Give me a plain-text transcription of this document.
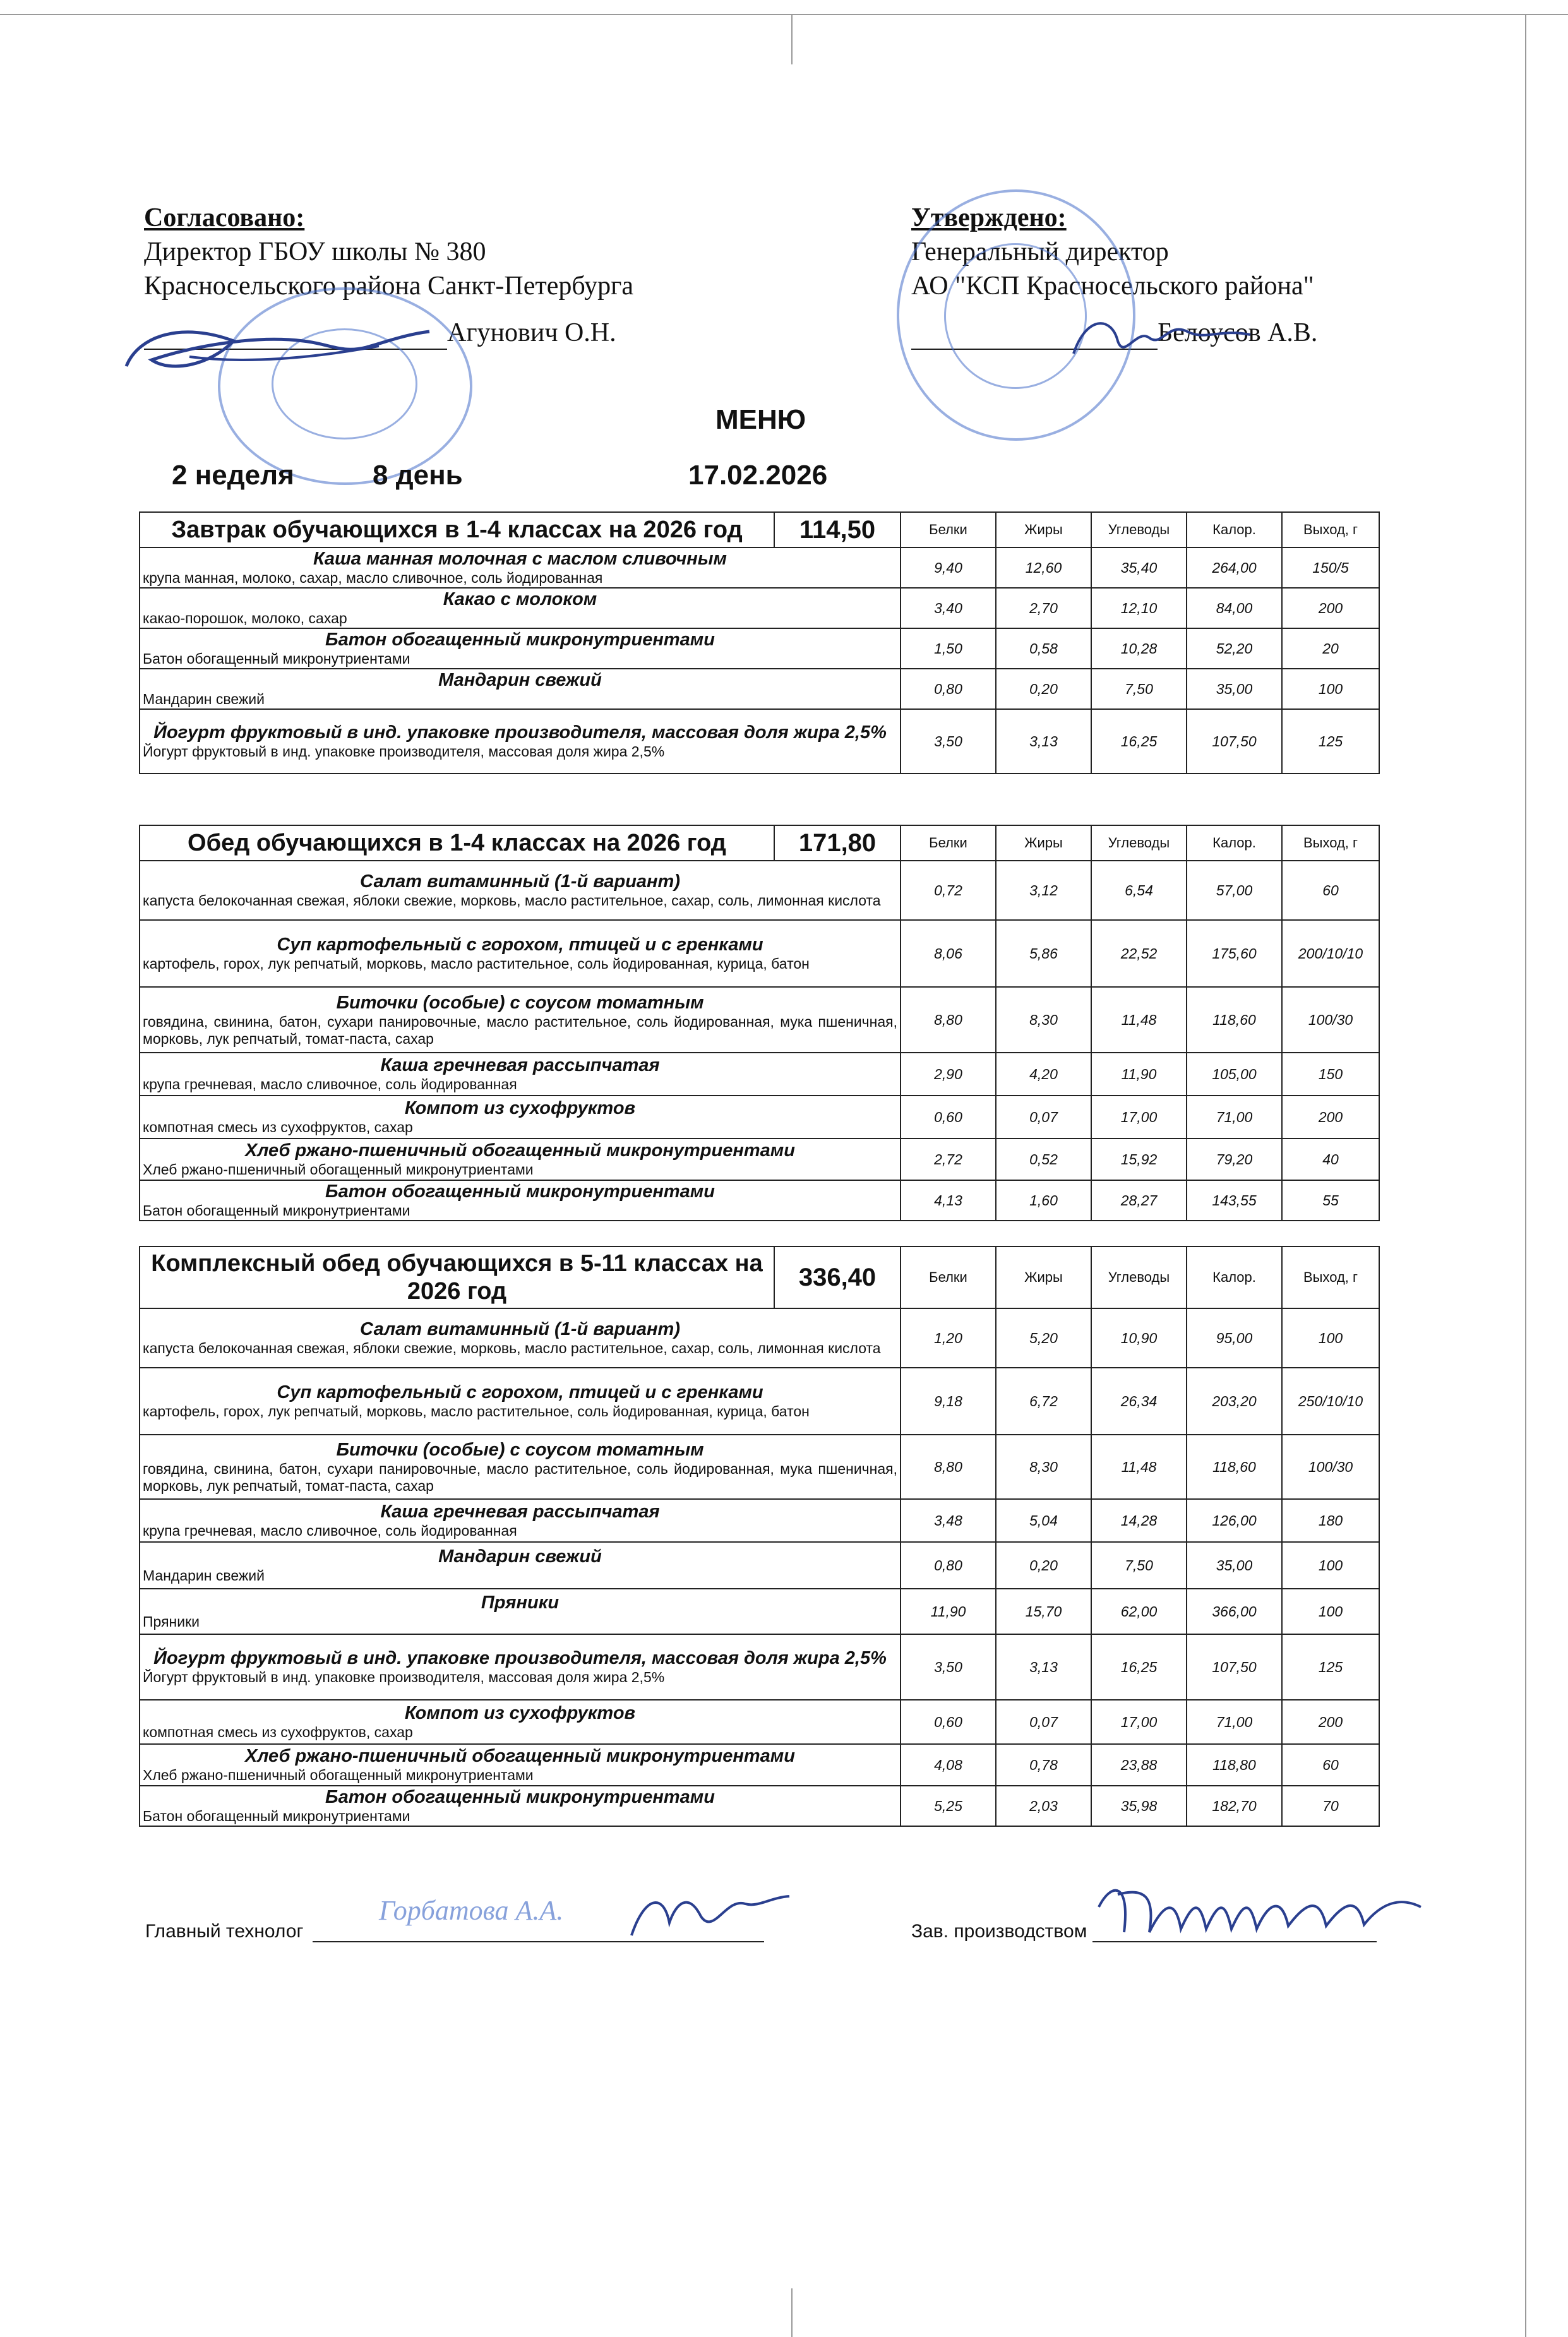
Согласовано:
Директор ГБОУ школы № 380
Красносельского района Санкт-Петербурга
Агунович О.Н.
Утверждено:
Генеральный директор
АО "КСП Красносельского района"
Белоусов А.В.
МЕНЮ
2 неделя	8 день	17.02.2026
Завтрак обучающихся в 1-4 классах на 2026 год	114,50	Белки	Жиры	Углеводы	Калор.	Выход, г

Каша манная молочная с маслом сливочным
крупа манная, молоко, сахар, масло сливочное, соль йодированная		9,40	12,60	35,40	264,00	150/5

Какао с молоком
какао-порошок, молоко, сахар		3,40	2,70	12,10	84,00	200

Батон обогащенный микронутриентами
Батон обогащенный микронутриентами		1,50	0,58	10,28	52,20	20

Мандарин свежий
Мандарин свежий		0,80	0,20	7,50	35,00	100

Йогурт фруктовый в инд. упаковке производителя, массовая доля жира 2,5%
Йогурт фруктовый в инд. упаковке производителя, массовая доля жира 2,5%		3,50	3,13	16,25	107,50	125
Обед обучающихся в 1-4 классах на 2026 год	171,80	Белки	Жиры	Углеводы	Калор.	Выход, г

Салат витаминный (1-й вариант)
капуста белокочанная свежая, яблоки свежие, морковь, масло растительное, сахар, соль, лимонная кислота		0,72	3,12	6,54	57,00	60

Суп картофельный с горохом, птицей и с гренками
картофель, горох, лук репчатый, морковь, масло растительное, соль йодированная, курица, батон		8,06	5,86	22,52	175,60	200/10/10

Биточки (особые) с соусом томатным
говядина, свинина, батон, сухари панировочные, масло растительное, соль йодированная, мука пшеничная, морковь, лук репчатый, томат-паста, сахар		8,80	8,30	11,48	118,60	100/30

Каша гречневая рассыпчатая
крупа гречневая, масло сливочное, соль йодированная		2,90	4,20	11,90	105,00	150

Компот из сухофруктов
компотная смесь из сухофруктов, сахар		0,60	0,07	17,00	71,00	200

Хлеб ржано-пшеничный обогащенный микронутриентами
Хлеб ржано-пшеничный обогащенный микронутриентами		2,72	0,52	15,92	79,20	40

Батон обогащенный микронутриентами
Батон обогащенный микронутриентами		4,13	1,60	28,27	143,55	55
Комплексный обед обучающихся в 5-11 классах на 2026 год	336,40	Белки	Жиры	Углеводы	Калор.	Выход, г

Салат витаминный (1-й вариант)
капуста белокочанная свежая, яблоки свежие, морковь, масло растительное, сахар, соль, лимонная кислота		1,20	5,20	10,90	95,00	100

Суп картофельный с горохом, птицей и с гренками
картофель, горох, лук репчатый, морковь, масло растительное, соль йодированная, курица, батон		9,18	6,72	26,34	203,20	250/10/10

Биточки (особые) с соусом томатным
говядина, свинина, батон, сухари панировочные, масло растительное, соль йодированная, мука пшеничная, морковь, лук репчатый, томат-паста, сахар		8,80	8,30	11,48	118,60	100/30

Каша гречневая рассыпчатая
крупа гречневая, масло сливочное, соль йодированная		3,48	5,04	14,28	126,00	180

Мандарин свежий
Мандарин свежий		0,80	0,20	7,50	35,00	100

Пряники
Пряники		11,90	15,70	62,00	366,00	100

Йогурт фруктовый в инд. упаковке производителя, массовая доля жира 2,5%
Йогурт фруктовый в инд. упаковке производителя, массовая доля жира 2,5%		3,50	3,13	16,25	107,50	125

Компот из сухофруктов
компотная смесь из сухофруктов, сахар		0,60	0,07	17,00	71,00	200

Хлеб ржано-пшеничный обогащенный микронутриентами
Хлеб ржано-пшеничный обогащенный микронутриентами		4,08	0,78	23,88	118,80	60

Батон обогащенный микронутриентами
Батон обогащенный микронутриентами		5,25	2,03	35,98	182,70	70
Главный технолог
Горбатова А.А.
Зав. производством
